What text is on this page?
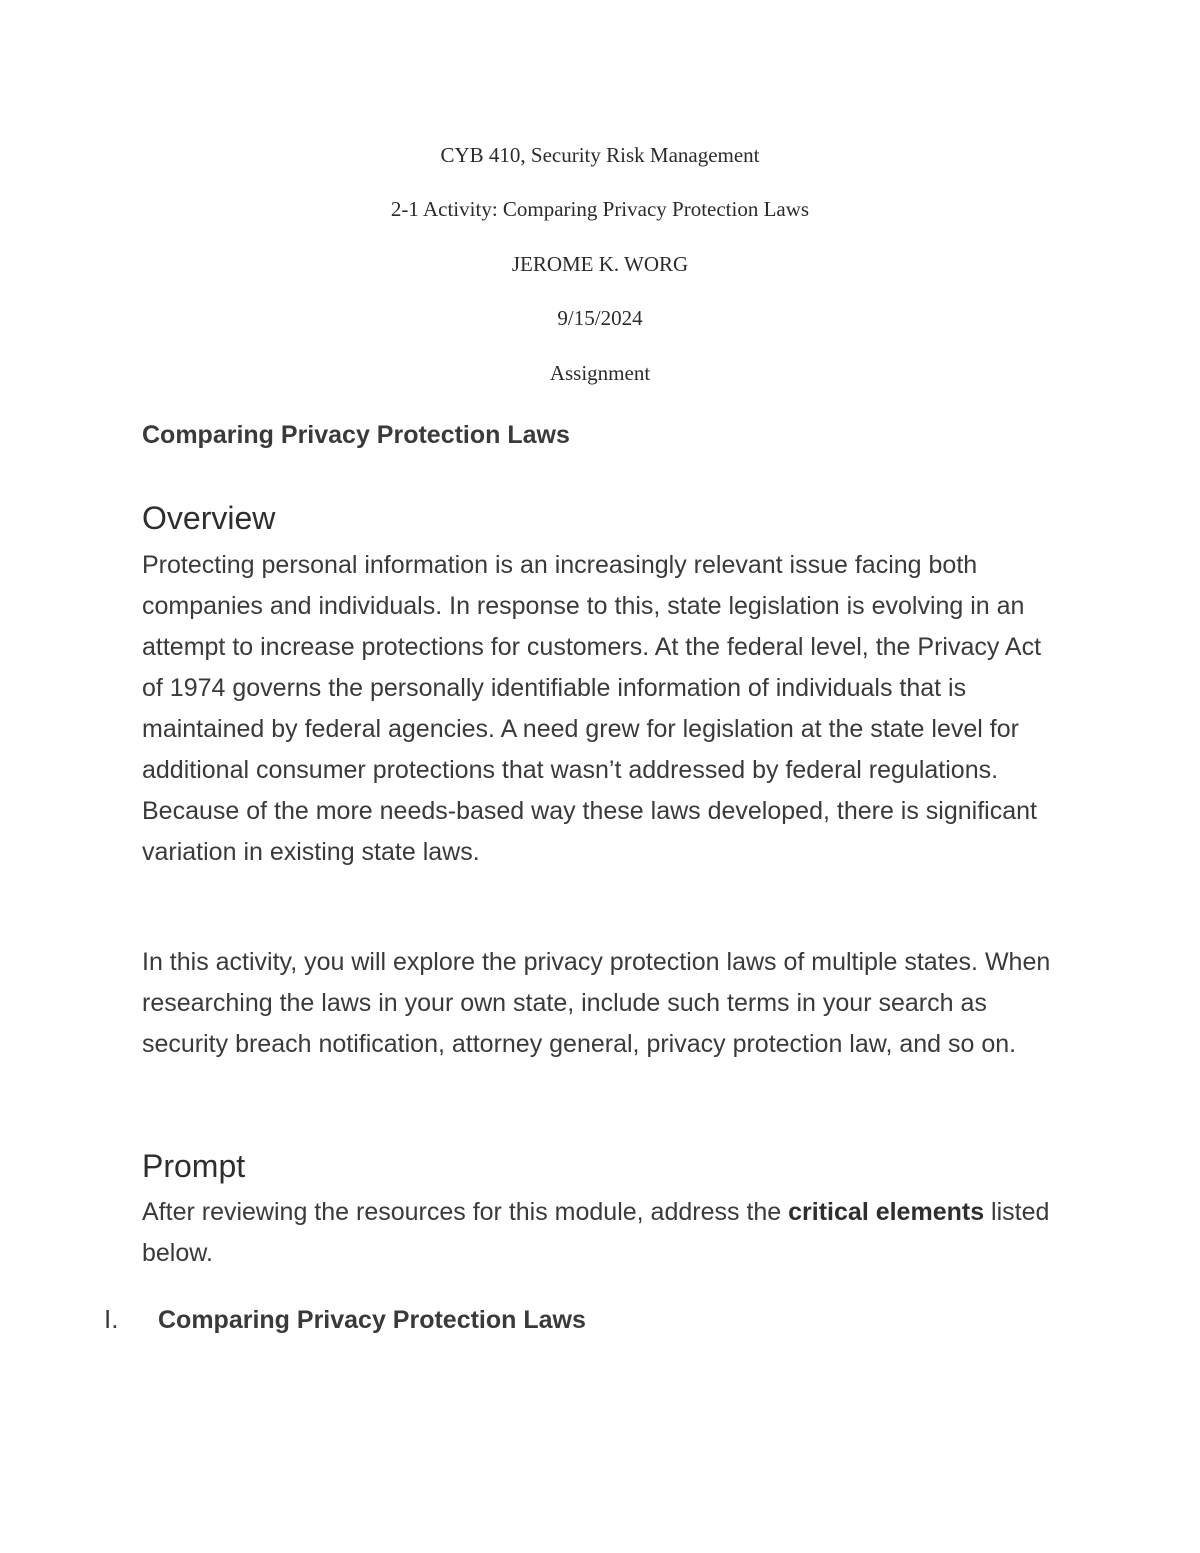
CYB 410, Security Risk Management
2-1 Activity: Comparing Privacy Protection Laws
JEROME K. WORG
9/15/2024
Assignment
Comparing Privacy Protection Laws
Overview

Protecting personal information is an increasingly relevant issue facing both companies and individuals. In response to this, state legislation is evolving in an attempt to increase protections for customers. At the federal level, the Privacy Act of 1974 governs the personally identifiable information of individuals that is maintained by federal agencies. A need grew for legislation at the state level for additional consumer protections that wasn’t addressed by federal regulations. Because of the more needs-based way these laws developed, there is significant variation in existing state laws.

In this activity, you will explore the privacy protection laws of multiple states. When researching the laws in your own state, include such terms in your search as security breach notification, attorney general, privacy protection law, and so on.

Prompt

After reviewing the resources for this module, address the critical elements listed below.

I.	Comparing Privacy Protection Laws
